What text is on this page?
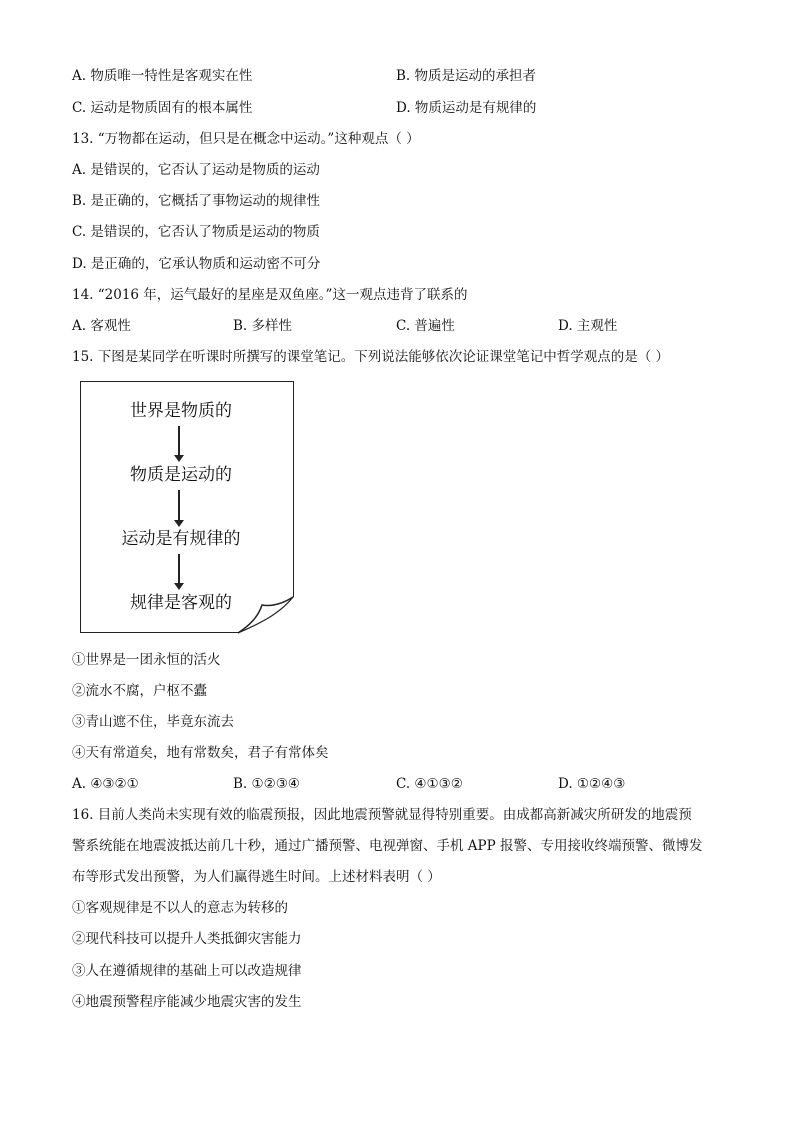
A. 物质唯一特性是客观实在性	B. 物质是运动的承担者
C. 运动是物质固有的根本属性	D. 物质运动是有规律的
13. “万物都在运动，但只是在概念中运动。”这种观点（ ）
A. 是错误的，它否认了运动是物质的运动
B. 是正确的，它概括了事物运动的规律性
C. 是错误的，它否认了物质是运动的物质
D. 是正确的，它承认物质和运动密不可分
14. “2016 年，运气最好的星座是双鱼座。”这一观点违背了联系的
A. 客观性	B. 多样性	C. 普遍性	D. 主观性
15. 下图是某同学在听课时所撰写的课堂笔记。下列说法能够依次论证课堂笔记中哲学观点的是（ ）
世界是物质的
物质是运动的
运动是有规律的
规律是客观的
①世界是一团永恒的活火
②流水不腐，户枢不蠹
③青山遮不住，毕竟东流去
④天有常道矣，地有常数矣，君子有常体矣
A. ④③②①	B. ①②③④	C. ④①③②	D. ①②④③
16. 目前人类尚未实现有效的临震预报，因此地震预警就显得特别重要。由成都高新减灾所研发的地震预
警系统能在地震波抵达前几十秒，通过广播预警、电视弹窗、手机 APP 报警、专用接收终端预警、微博发
布等形式发出预警，为人们赢得逃生时间。上述材料表明（ ）
①客观规律是不以人的意志为转移的
②现代科技可以提升人类抵御灾害能力
③人在遵循规律的基础上可以改造规律
④地震预警程序能减少地震灾害的发生
